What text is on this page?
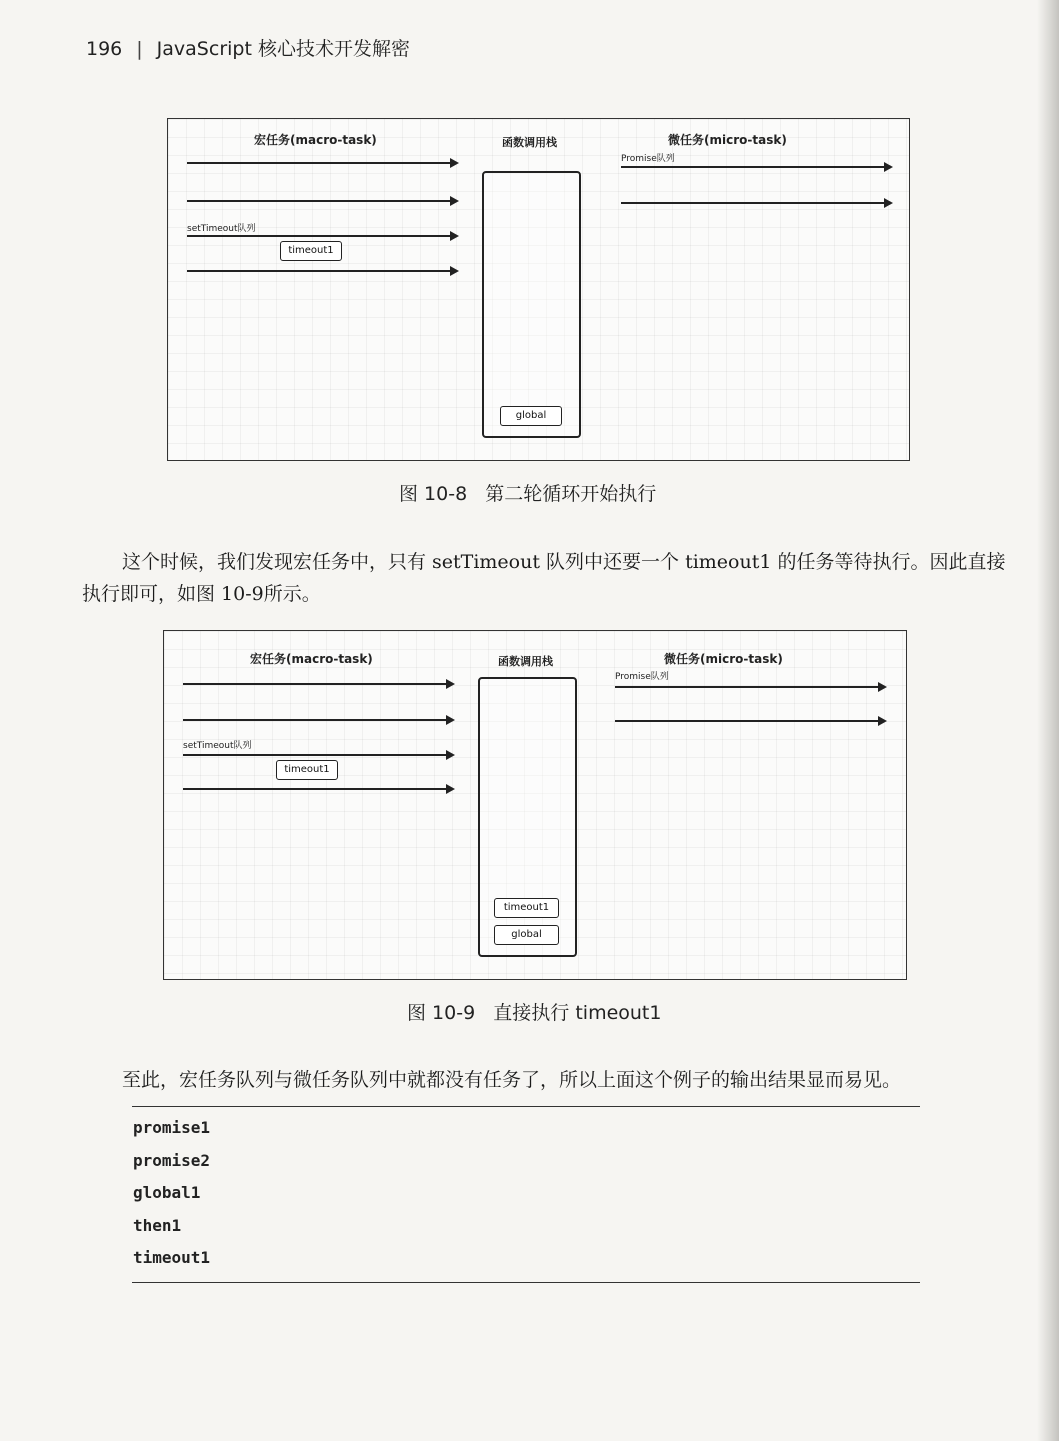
196 | JavaScript 核心技术开发解密
宏任务(macro-task)	函数调用栈	微任务(micro-task)
Promise队列
setTimeout队列
timeout1
global
图 10-8 第二轮循环开始执行
这个时候，我们发现宏任务中，只有 setTimeout 队列中还要一个 timeout1 的任务等待执行。因此直接执行即可，如图 10-9所示。
宏任务(macro-task)	函数调用栈	微任务(micro-task)
Promise队列
setTimeout队列
timeout1
timeout1
global
图 10-9 直接执行 timeout1
至此，宏任务队列与微任务队列中就都没有任务了，所以上面这个例子的输出结果显而易见。
promise1
promise2
global1
then1
timeout1
